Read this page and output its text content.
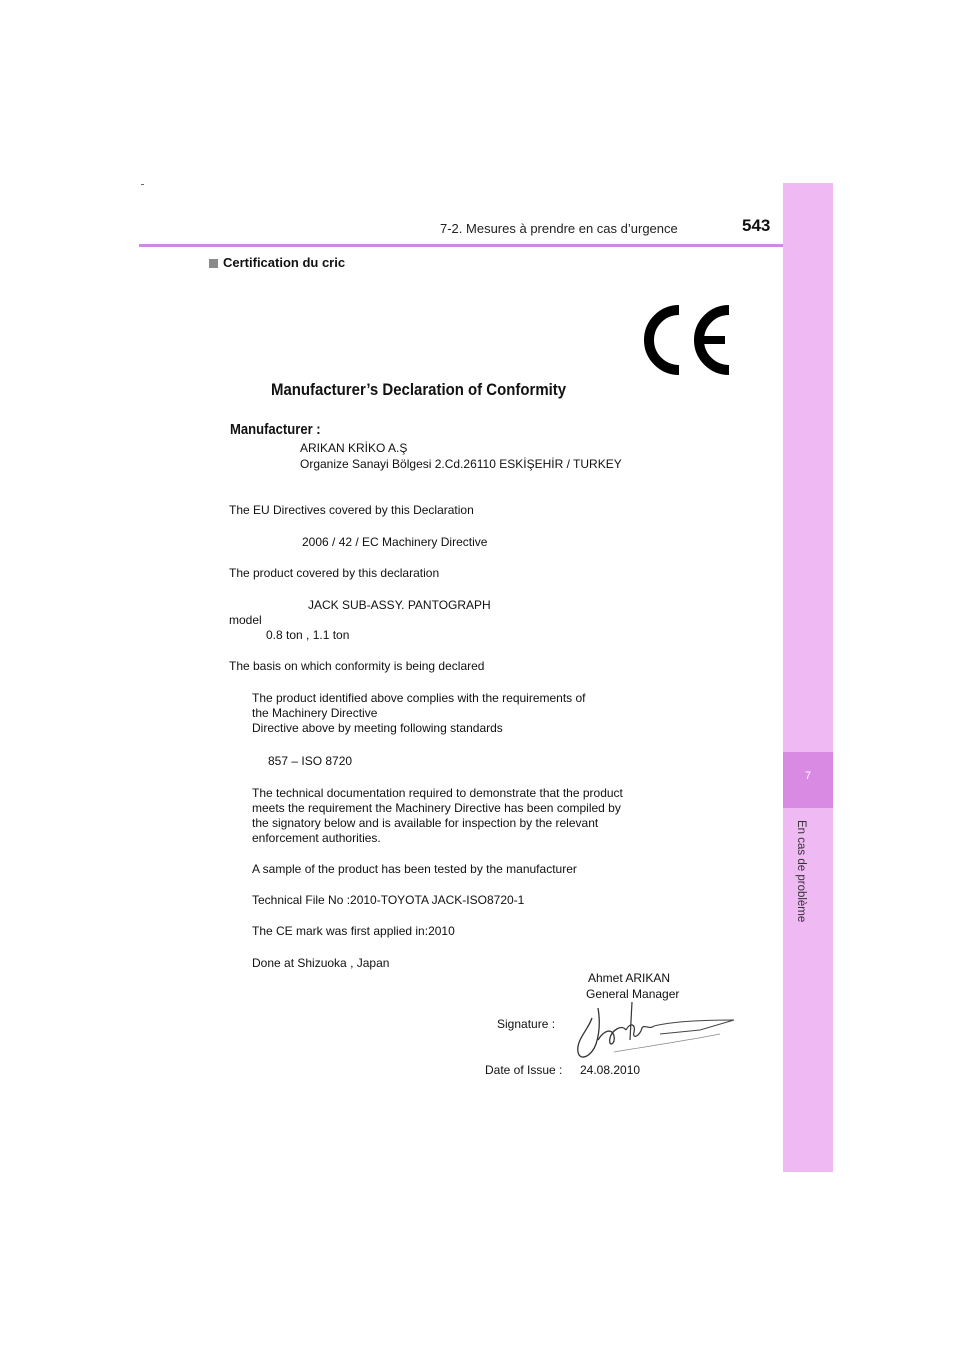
7-2. Mesures à prendre en cas d’urgence	543
7
En cas de problème
Certification du cric
Manufacturer’s Declaration of Conformity
Manufacturer :
ARIKAN KRİKO A.Ş
Organize Sanayi Bölgesi 2.Cd.26110 ESKİŞEHİR / TURKEY
The EU Directives covered by this Declaration
2006 / 42 / EC Machinery Directive
The product covered by this declaration
JACK SUB-ASSY. PANTOGRAPH
model
0.8 ton , 1.1 ton
The basis on which conformity is being declared
The product identified above complies with the requirements of
the Machinery Directive
Directive above by meeting following standards
857 – ISO 8720
The technical documentation required to demonstrate that the product
meets the requirement the Machinery Directive has been compiled by
the signatory below and is available for inspection by the relevant
enforcement authorities.
A sample of the product has been tested by the manufacturer
Technical File No :2010-TOYOTA JACK-ISO8720-1
The CE mark was first applied in:2010
Done at Shizuoka , Japan
Ahmet ARIKAN
General Manager
Signature :
Date of Issue : 24.08.2010
